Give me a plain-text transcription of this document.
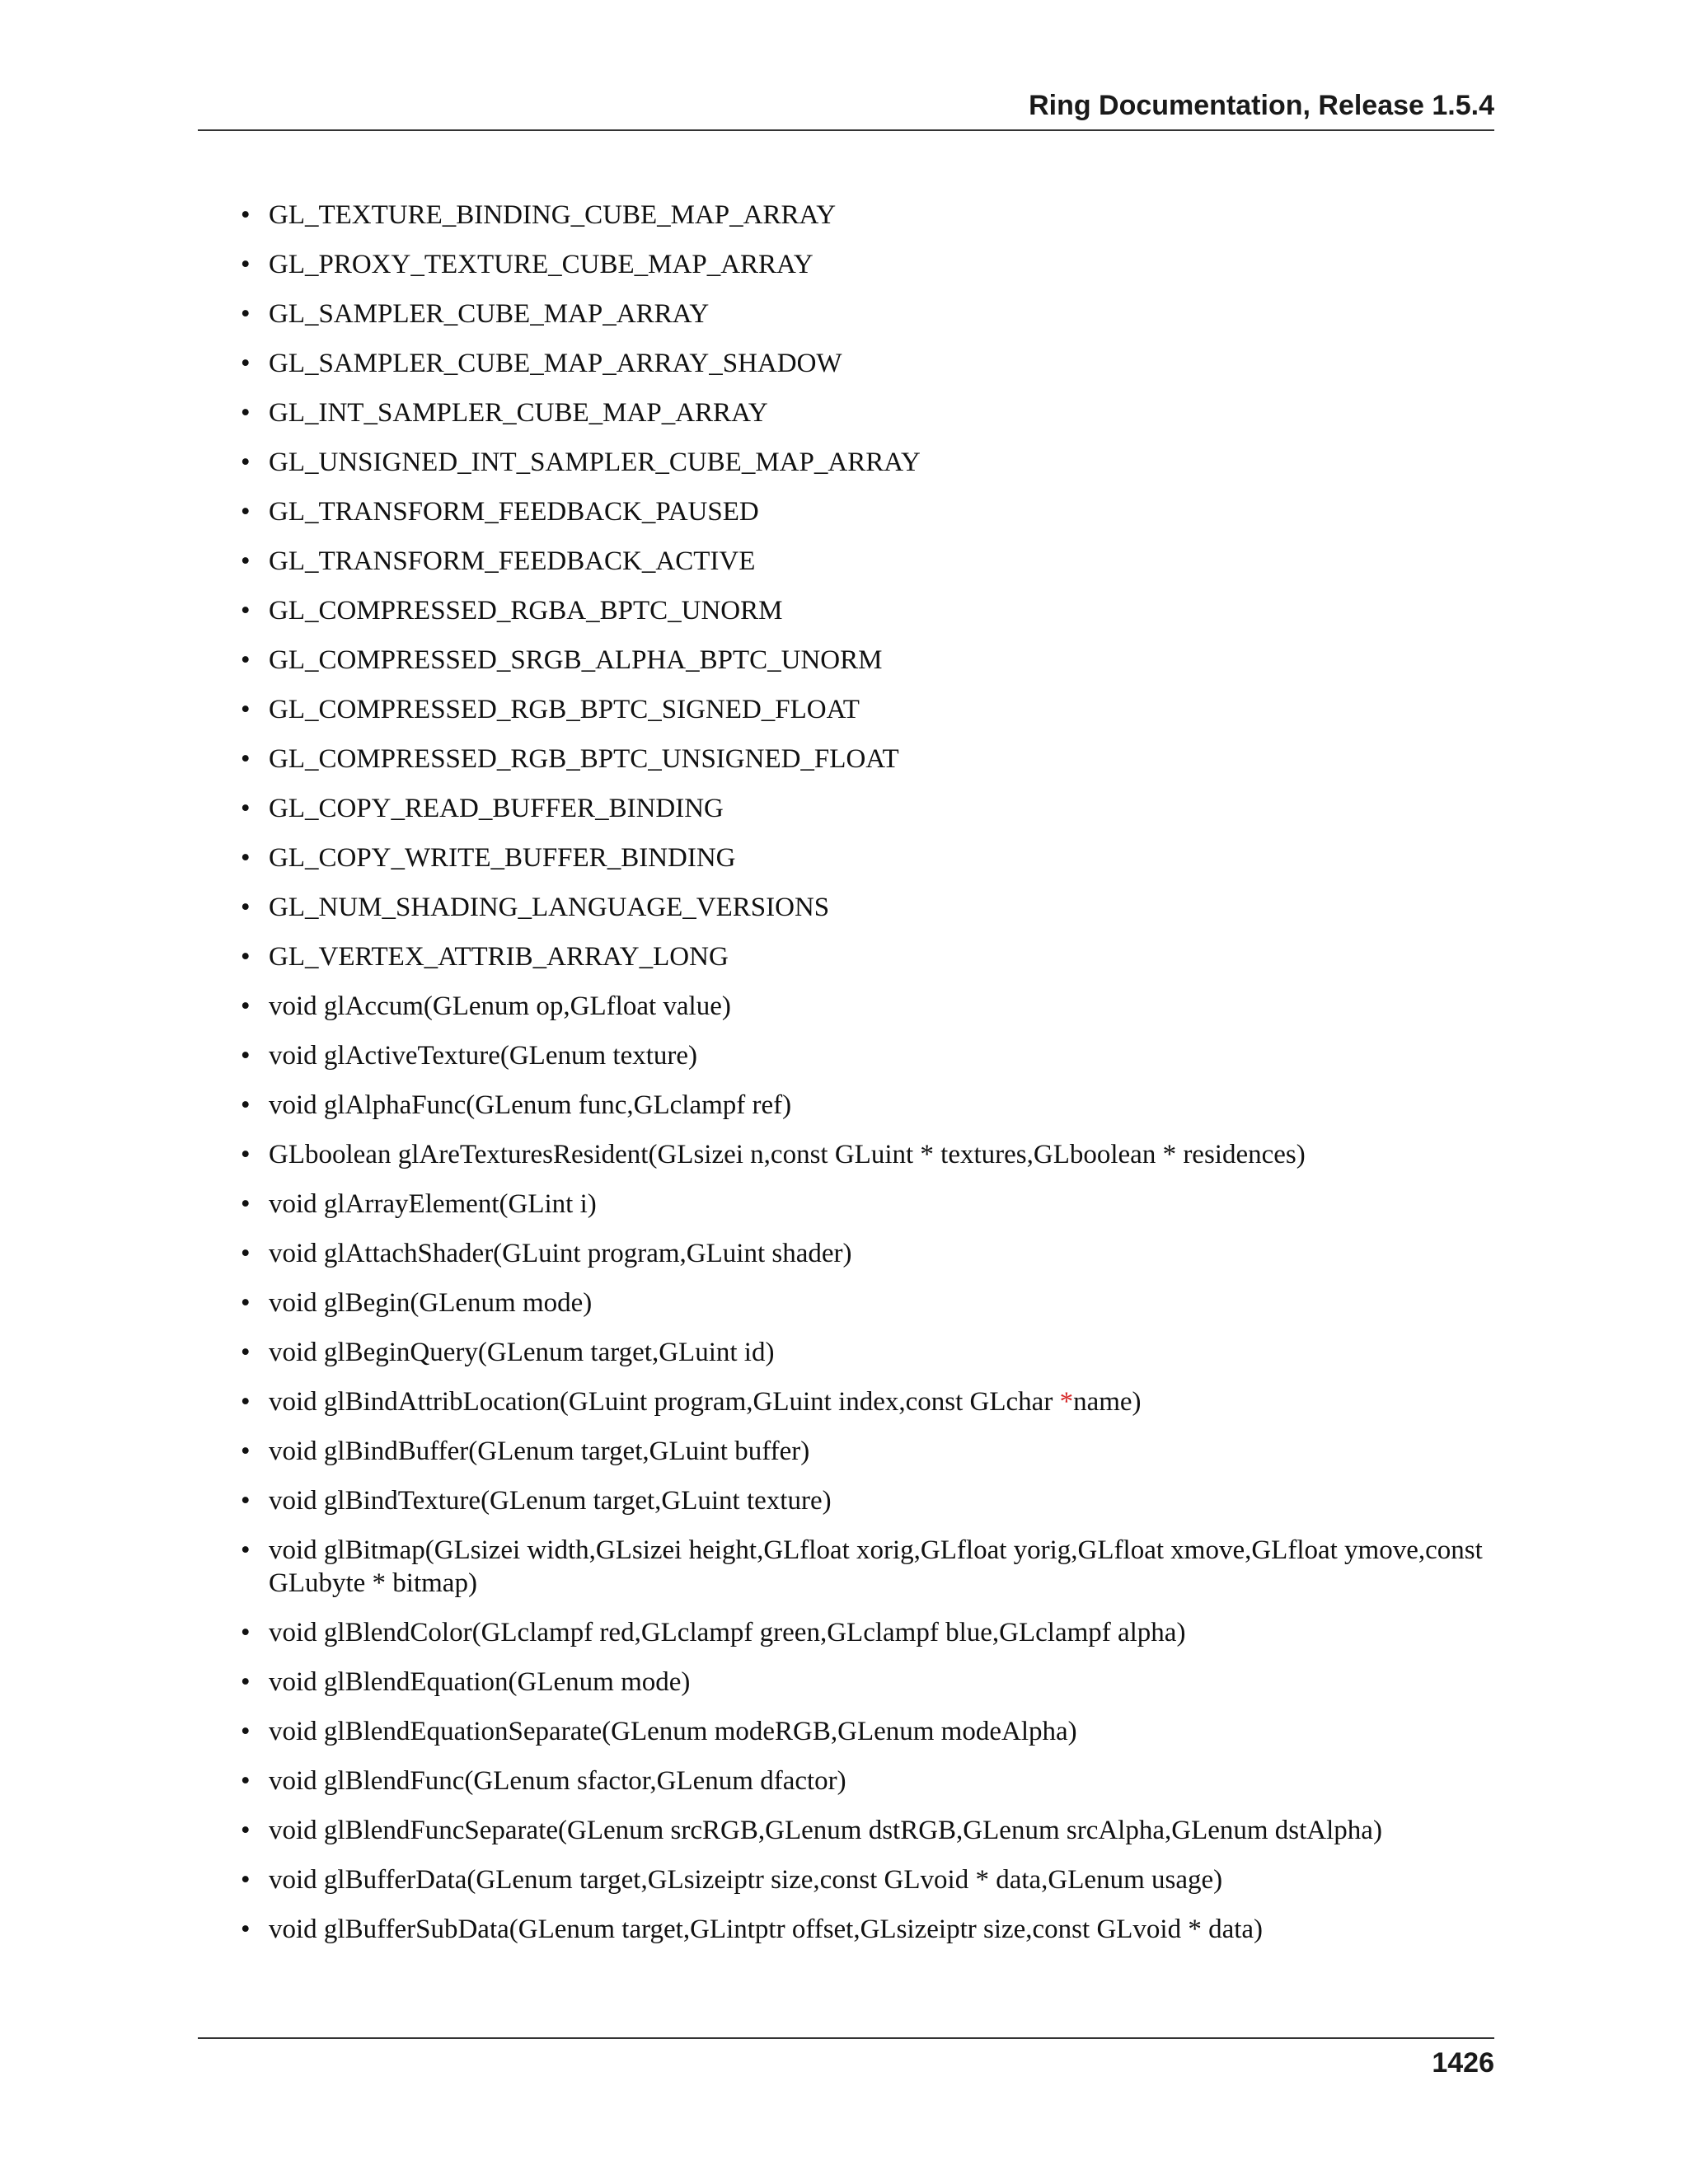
Ring Documentation, Release 1.5.4
• GL_TEXTURE_BINDING_CUBE_MAP_ARRAY
• GL_PROXY_TEXTURE_CUBE_MAP_ARRAY
• GL_SAMPLER_CUBE_MAP_ARRAY
• GL_SAMPLER_CUBE_MAP_ARRAY_SHADOW
• GL_INT_SAMPLER_CUBE_MAP_ARRAY
• GL_UNSIGNED_INT_SAMPLER_CUBE_MAP_ARRAY
• GL_TRANSFORM_FEEDBACK_PAUSED
• GL_TRANSFORM_FEEDBACK_ACTIVE
• GL_COMPRESSED_RGBA_BPTC_UNORM
• GL_COMPRESSED_SRGB_ALPHA_BPTC_UNORM
• GL_COMPRESSED_RGB_BPTC_SIGNED_FLOAT
• GL_COMPRESSED_RGB_BPTC_UNSIGNED_FLOAT
• GL_COPY_READ_BUFFER_BINDING
• GL_COPY_WRITE_BUFFER_BINDING
• GL_NUM_SHADING_LANGUAGE_VERSIONS
• GL_VERTEX_ATTRIB_ARRAY_LONG
• void glAccum(GLenum op,GLfloat value)
• void glActiveTexture(GLenum texture)
• void glAlphaFunc(GLenum func,GLclampf ref)
• GLboolean glAreTexturesResident(GLsizei n,const GLuint * textures,GLboolean * residences)
• void glArrayElement(GLint i)
• void glAttachShader(GLuint program,GLuint shader)
• void glBegin(GLenum mode)
• void glBeginQuery(GLenum target,GLuint id)
• void glBindAttribLocation(GLuint program,GLuint index,const GLchar *name)
• void glBindBuffer(GLenum target,GLuint buffer)
• void glBindTexture(GLenum target,GLuint texture)
• void glBitmap(GLsizei width,GLsizei height,GLfloat xorig,GLfloat yorig,GLfloat xmove,GLfloat ymove,const GLubyte * bitmap)
• void glBlendColor(GLclampf red,GLclampf green,GLclampf blue,GLclampf alpha)
• void glBlendEquation(GLenum mode)
• void glBlendEquationSeparate(GLenum modeRGB,GLenum modeAlpha)
• void glBlendFunc(GLenum sfactor,GLenum dfactor)
• void glBlendFuncSeparate(GLenum srcRGB,GLenum dstRGB,GLenum srcAlpha,GLenum dstAlpha)
• void glBufferData(GLenum target,GLsizeiptr size,const GLvoid * data,GLenum usage)
• void glBufferSubData(GLenum target,GLintptr offset,GLsizeiptr size,const GLvoid * data)
1426
